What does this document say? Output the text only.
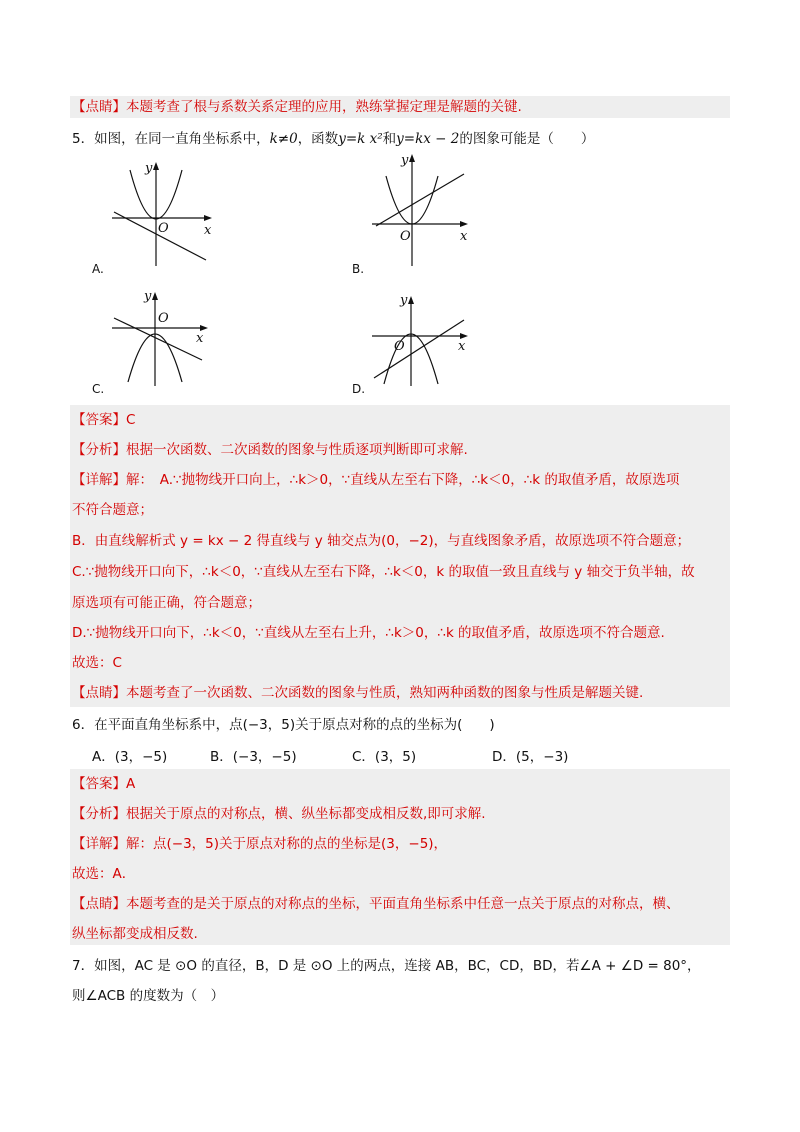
【点睛】本题考查了根与系数关系定理的应用，熟练掌握定理是解题的关键.
5．如图，在同一直角坐标系中，k≠0，函数y=k x²和y=kx − 2的图象可能是（　　）
y
x
O
A.
y
x
O
B.
y
x
O
C.
y
x
O
D.
【答案】C
【分析】根据一次函数、二次函数的图象与性质逐项判断即可求解.
【详解】解：　A.∵抛物线开口向上，∴k＞0，∵直线从左至右下降，∴k＜0，∴k 的取值矛盾，故原选项
不符合题意；
B．由直线解析式 y = kx − 2 得直线与 y 轴交点为(0，−2)，与直线图象矛盾，故原选项不符合题意；
C.∵抛物线开口向下，∴k＜0，∵直线从左至右下降，∴k＜0，k 的取值一致且直线与 y 轴交于负半轴，故
原选项有可能正确，符合题意；
D.∵抛物线开口向下，∴k＜0，∵直线从左至右上升，∴k＞0，∴k 的取值矛盾，故原选项不符合题意.
故选：C
【点睛】本题考查了一次函数、二次函数的图象与性质，熟知两种函数的图象与性质是解题关键.
6．在平面直角坐标系中，点(−3，5)关于原点对称的点的坐标为(　　)
A．(3，−5)	B．(−3，−5)	C．(3，5)	D．(5，−3)
【答案】A
【分析】根据关于原点的对称点，横、纵坐标都变成相反数,即可求解.
【详解】解：点(−3，5)关于原点对称的点的坐标是(3，−5)，
故选：A．
【点睛】本题考查的是关于原点的对称点的坐标，平面直角坐标系中任意一点关于原点的对称点，横、
纵坐标都变成相反数.
7．如图，AC 是 ⊙O 的直径，B，D 是 ⊙O 上的两点，连接 AB，BC，CD，BD，若∠A + ∠D = 80°，
则∠ACB 的度数为（　）
